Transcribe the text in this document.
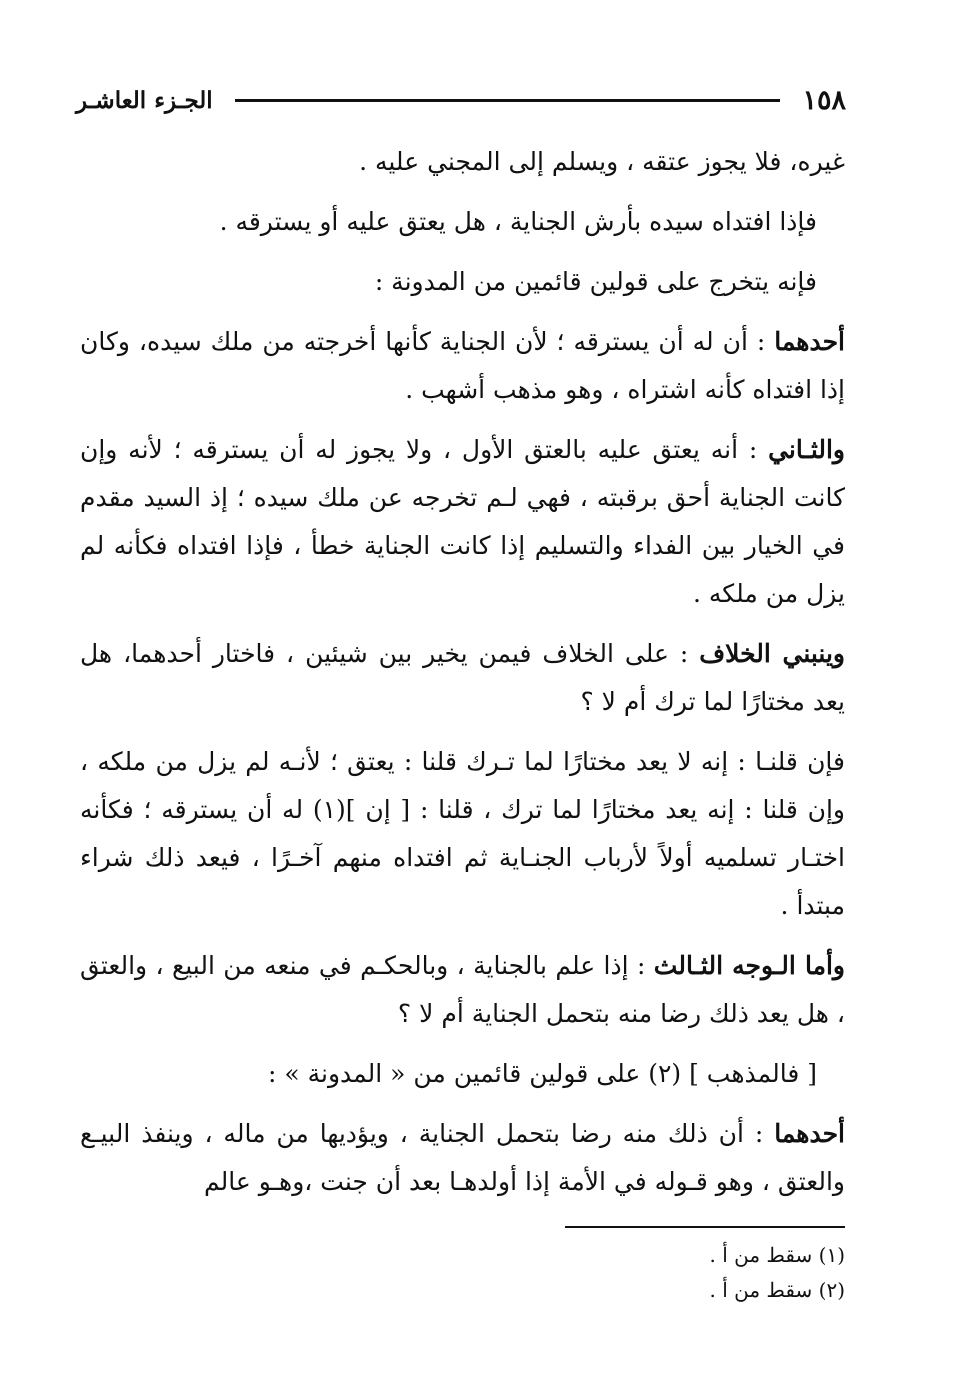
١٥٨
الجـزء العاشـر

غيره، فلا يجوز عتقه ، ويسلم إلى المجني عليه .

فإذا افتداه سيده بأرش الجناية ، هل يعتق عليه أو يسترقه .

فإنه يتخرج على قولين قائمين من المدونة :

أحدهما : أن له أن يسترقه ؛ لأن الجناية كأنها أخرجته من ملك سيده، وكان إذا افتداه كأنه اشتراه ، وهو مذهب أشهب .

والثـاني : أنه يعتق عليه بالعتق الأول ، ولا يجوز له أن يسترقه ؛ لأنه وإن كانت الجناية أحق برقبته ، فهي لـم تخرجه عن ملك سيده ؛ إذ السيد مقدم في الخيار بين الفداء والتسليم إذا كانت الجناية خطأ ، فإذا افتداه فكأنه لم يزل من ملكه .

وينبني الخلاف : على الخلاف فيمن يخير بين شيئين ، فاختار أحدهما، هل يعد مختارًا لما ترك أم لا ؟

فإن قلنـا : إنه لا يعد مختارًا لما تـرك قلنا : يعتق ؛ لأنـه لم يزل من ملكه ، وإن قلنا : إنه يعد مختارًا لما ترك ، قلنا : [ إن ](١) له أن يسترقه ؛ فكأنه اختـار تسلميه أولاً لأرباب الجنـاية ثم افتداه منهم آخـرًا ، فيعد ذلك شراء مبتدأ .

وأما الـوجه الثـالث : إذا علم بالجناية ، وبالحكـم في منعه من البيع ، والعتق ، هل يعد ذلك رضا منه بتحمل الجناية أم لا ؟

[ فالمذهب ] (٢) على قولين قائمين من « المدونة » :

أحدهما : أن ذلك منه رضا بتحمل الجناية ، ويؤديها من ماله ، وينفذ البيـع والعتق ، وهو قـوله في الأمة إذا أولدهـا بعد أن جنت ،وهـو عالم

(١) سقط من أ .
(٢) سقط من أ .
